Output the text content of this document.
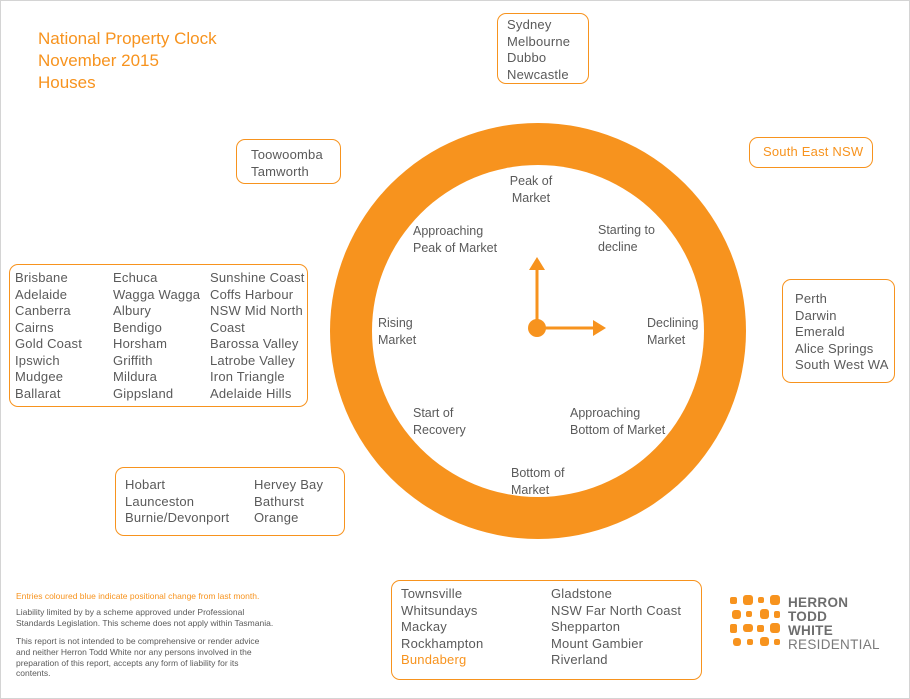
National Property Clock
November 2015
Houses
Peak of
Market
Starting to
decline
Declining
Market
Approaching
Bottom of Market
Bottom of
Market
Start of
Recovery
Rising
Market
Approaching
Peak of Market
Sydney
Melbourne
Dubbo
Newcastle
Toowoomba
Tamworth
South East NSW
Brisbane
Adelaide
Canberra
Cairns
Gold Coast
Ipswich
Mudgee
Ballarat
Echuca
Wagga Wagga
Albury
Bendigo
Horsham
Griffith
Mildura
Gippsland
Sunshine Coast
Coffs Harbour
NSW Mid North
Coast
Barossa Valley
Latrobe Valley
Iron Triangle
Adelaide Hills
Perth
Darwin
Emerald
Alice Springs
South West WA
Hobart
Launceston
Burnie/Devonport
Hervey Bay
Bathurst
Orange
Townsville
Whitsundays
Mackay
Rockhampton
Bundaberg
Gladstone
NSW Far North Coast
Shepparton
Mount Gambier
Riverland
Entries coloured blue indicate positional change from last month.
Liability limited by by a scheme approved under Professional
Standards Legislation. This scheme does not apply within Tasmania.
This report is not intended to be comprehensive or render advice
and neither Herron Todd White nor any persons involved in the
preparation of this report, accepts any form of liability for its
contents.
HERRON
TODD
WHITE
RESIDENTIAL
